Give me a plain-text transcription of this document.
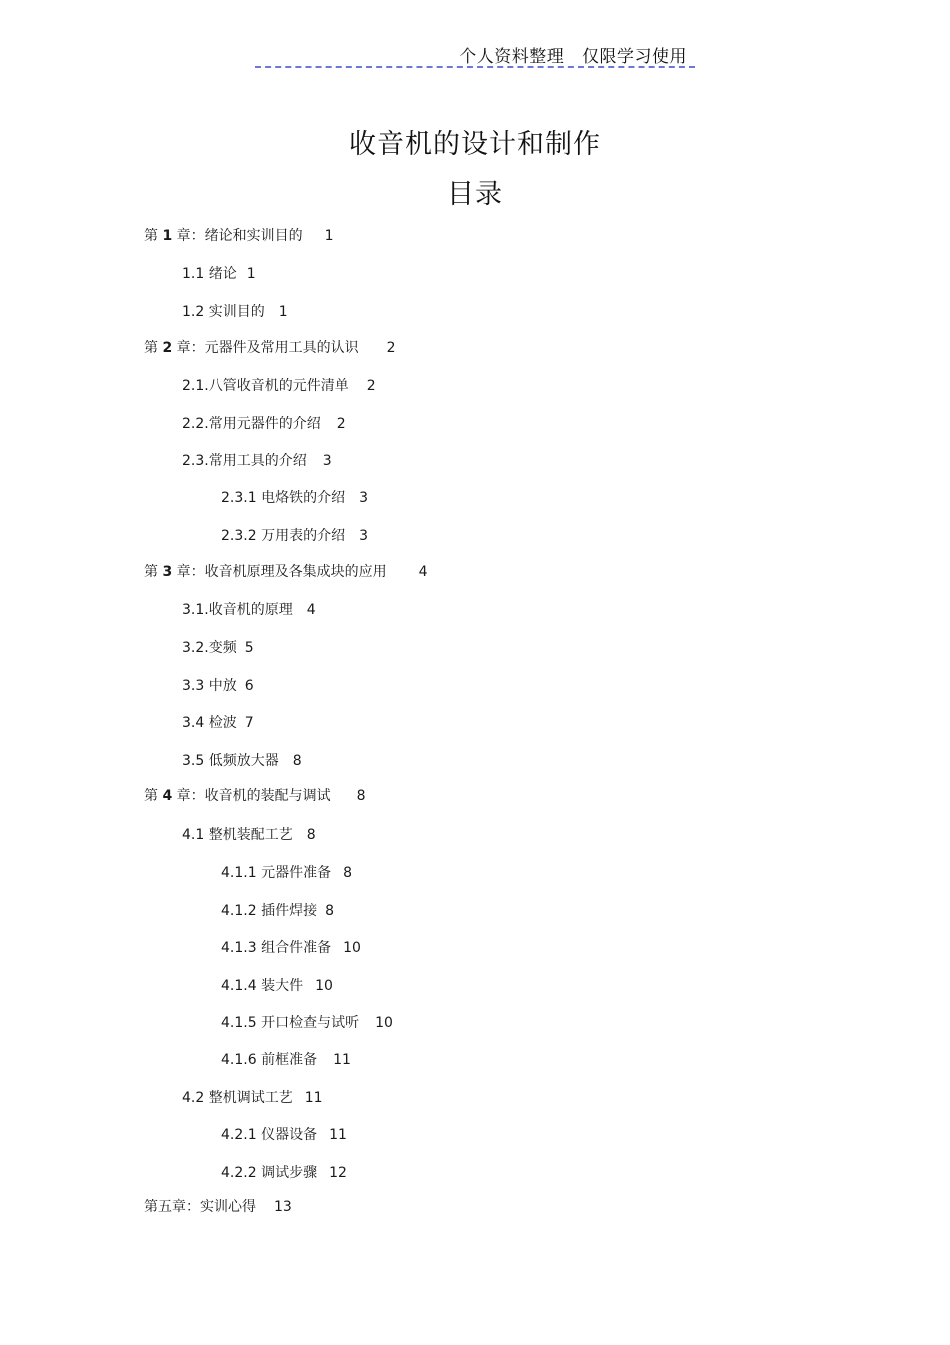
个人资料整理   仅限学习使用
收音机的设计和制作
目录
第 1 章：绪论和实训目的 1
1.1 绪论 1
1.2 实训目的 1
第 2 章：元器件及常用工具的认识 2
2.1.八管收音机的元件清单 2
2.2.常用元器件的介绍 2
2.3.常用工具的介绍 3
2.3.1 电烙铁的介绍 3
2.3.2 万用表的介绍 3
第 3 章：收音机原理及各集成块的应用 4
3.1.收音机的原理 4
3.2.变频 5
3.3 中放 6
3.4 检波 7
3.5 低频放大器 8
第 4 章：收音机的装配与调试 8
4.1 整机装配工艺 8
4.1.1 元器件准备 8
4.1.2 插件焊接 8
4.1.3 组合件准备 10
4.1.4 装大件 10
4.1.5 开口检查与试听 10
4.1.6 前框准备 11
4.2 整机调试工艺 11
4.2.1 仪器设备 11
4.2.2 调试步骤 12
第五章：实训心得 13
